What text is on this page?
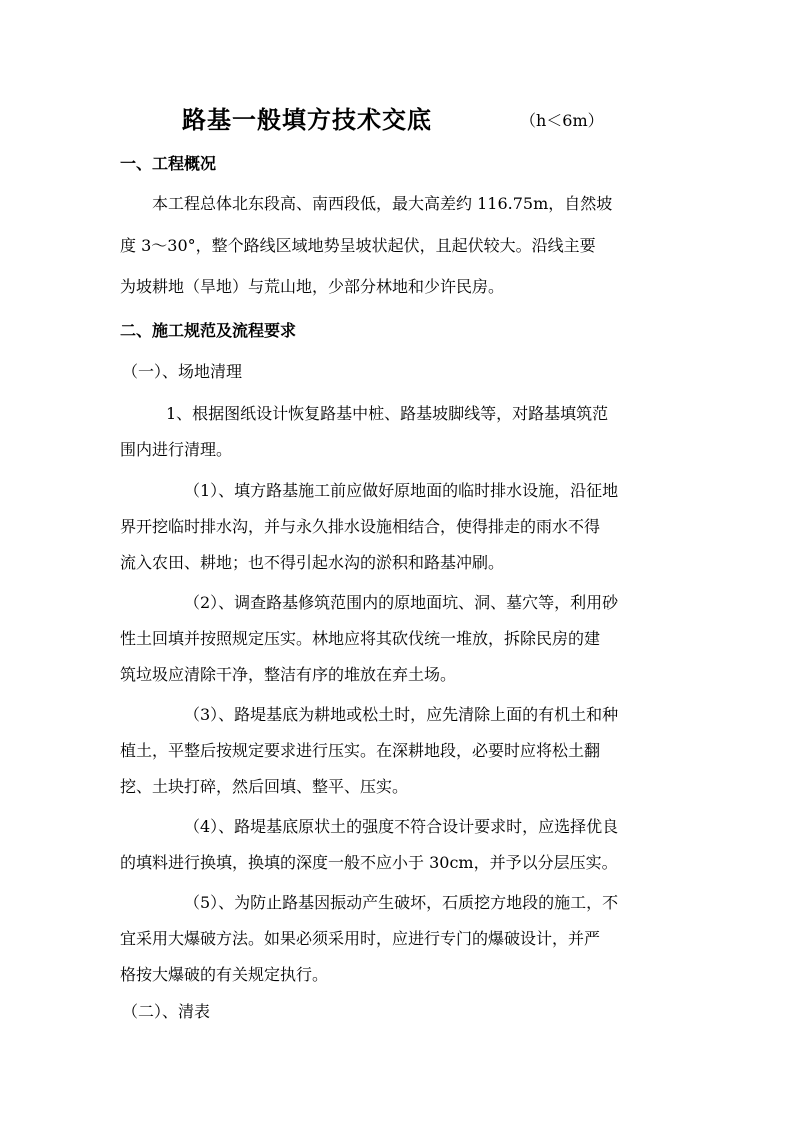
路基一般填方技术交底	（h＜6m）
一、工程概况
本工程总体北东段高、南西段低，最大高差约 116.75m，自然坡
度 3～30°，整个路线区域地势呈坡状起伏，且起伏较大。沿线主要
为坡耕地（旱地）与荒山地，少部分林地和少许民房。
二、施工规范及流程要求
（一）、场地清理
1、根据图纸设计恢复路基中桩、路基坡脚线等，对路基填筑范
围内进行清理。
（1）、填方路基施工前应做好原地面的临时排水设施，沿征地
界开挖临时排水沟，并与永久排水设施相结合，使得排走的雨水不得
流入农田、耕地；也不得引起水沟的淤积和路基冲刷。
（2）、调查路基修筑范围内的原地面坑、洞、墓穴等，利用砂
性土回填并按照规定压实。林地应将其砍伐统一堆放，拆除民房的建
筑垃圾应清除干净，整洁有序的堆放在弃土场。
（3）、路堤基底为耕地或松土时，应先清除上面的有机土和种
植土，平整后按规定要求进行压实。在深耕地段，必要时应将松土翻
挖、土块打碎，然后回填、整平、压实。
（4）、路堤基底原状土的强度不符合设计要求时，应选择优良
的填料进行换填，换填的深度一般不应小于 30cm，并予以分层压实。
（5）、为防止路基因振动产生破坏，石质挖方地段的施工，不
宜采用大爆破方法。如果必须采用时，应进行专门的爆破设计，并严
格按大爆破的有关规定执行。
（二）、清表
